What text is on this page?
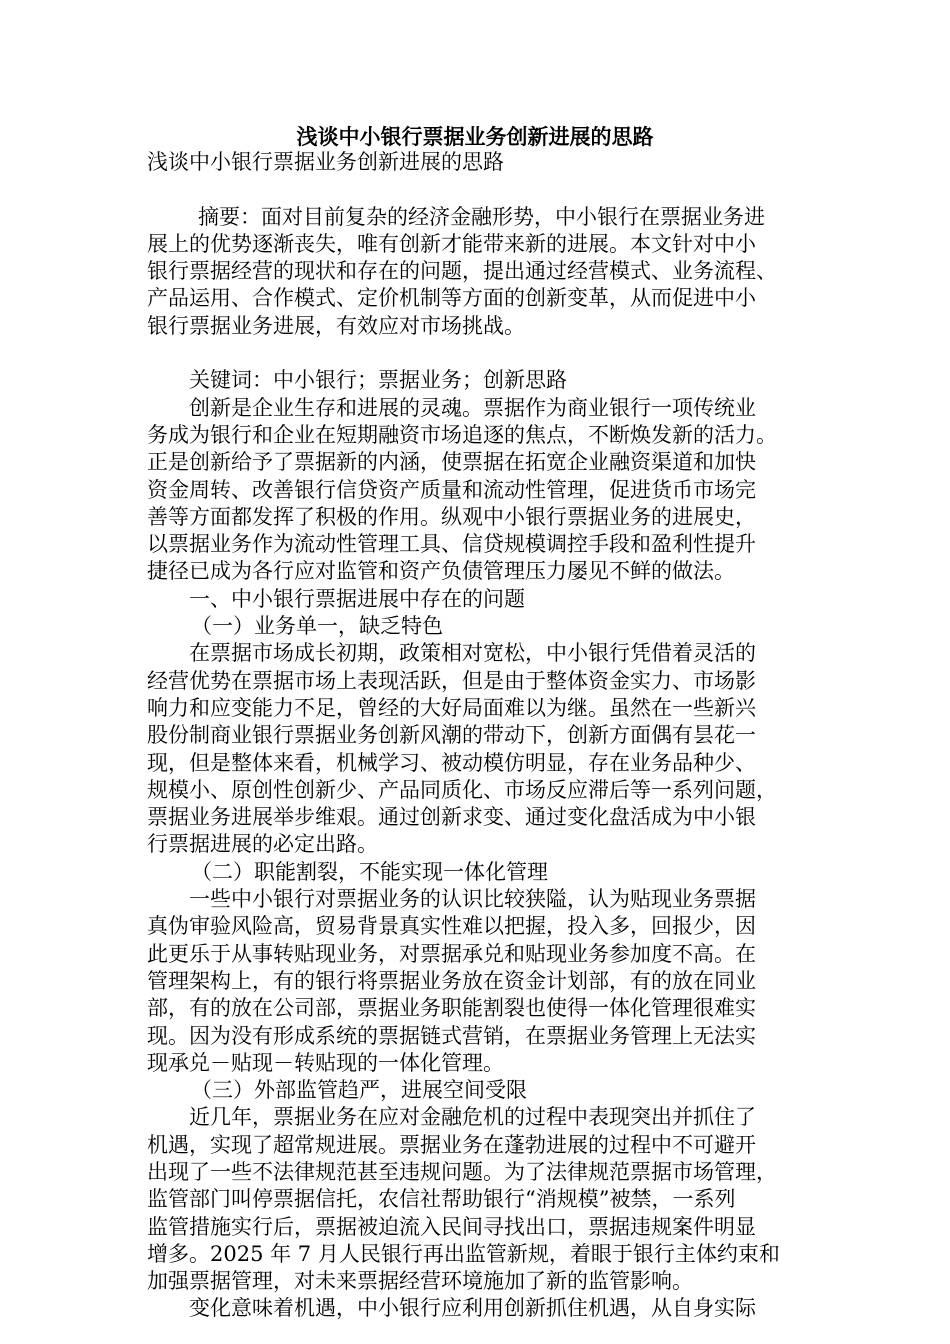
浅谈中小银行票据业务创新进展的思路

浅谈中小银行票据业务创新进展的思路

摘要：面对目前复杂的经济金融形势，中小银行在票据业务进

展上的优势逐渐丧失，唯有创新才能带来新的进展。本文针对中小

银行票据经营的现状和存在的问题，提出通过经营模式、业务流程、

产品运用、合作模式、定价机制等方面的创新变革，从而促进中小

银行票据业务进展，有效应对市场挑战。

关键词：中小银行；票据业务；创新思路

创新是企业生存和进展的灵魂。票据作为商业银行一项传统业

务成为银行和企业在短期融资市场追逐的焦点，不断焕发新的活力。

正是创新给予了票据新的内涵，使票据在拓宽企业融资渠道和加快

资金周转、改善银行信贷资产质量和流动性管理，促进货币市场完

善等方面都发挥了积极的作用。纵观中小银行票据业务的进展史，

以票据业务作为流动性管理工具、信贷规模调控手段和盈利性提升

捷径已成为各行应对监管和资产负债管理压力屡见不鲜的做法。

一、中小银行票据进展中存在的问题

（一）业务单一，缺乏特色

在票据市场成长初期，政策相对宽松，中小银行凭借着灵活的

经营优势在票据市场上表现活跃，但是由于整体资金实力、市场影

响力和应变能力不足，曾经的大好局面难以为继。虽然在一些新兴

股份制商业银行票据业务创新风潮的带动下，创新方面偶有昙花一

现，但是整体来看，机械学习、被动模仿明显，存在业务品种少、

规模小、原创性创新少、产品同质化、市场反应滞后等一系列问题，

票据业务进展举步维艰。通过创新求变、通过变化盘活成为中小银

行票据进展的必定出路。

（二）职能割裂，不能实现一体化管理

一些中小银行对票据业务的认识比较狭隘，认为贴现业务票据

真伪审验风险高，贸易背景真实性难以把握，投入多，回报少，因

此更乐于从事转贴现业务，对票据承兑和贴现业务参加度不高。在

管理架构上，有的银行将票据业务放在资金计划部，有的放在同业

部，有的放在公司部，票据业务职能割裂也使得一体化管理很难实

现。因为没有形成系统的票据链式营销，在票据业务管理上无法实

现承兑－贴现－转贴现的一体化管理。

（三）外部监管趋严，进展空间受限

近几年，票据业务在应对金融危机的过程中表现突出并抓住了

机遇，实现了超常规进展。票据业务在蓬勃进展的过程中不可避开

出现了一些不法律规范甚至违规问题。为了法律规范票据市场管理，

监管部门叫停票据信托，农信社帮助银行“消规模”被禁，一系列

监管措施实行后，票据被迫流入民间寻找出口，票据违规案件明显

增多。2025 年 7 月人民银行再出监管新规，着眼于银行主体约束和

加强票据管理，对未来票据经营环境施加了新的监管影响。

变化意味着机遇，中小银行应利用创新抓住机遇，从自身实际
